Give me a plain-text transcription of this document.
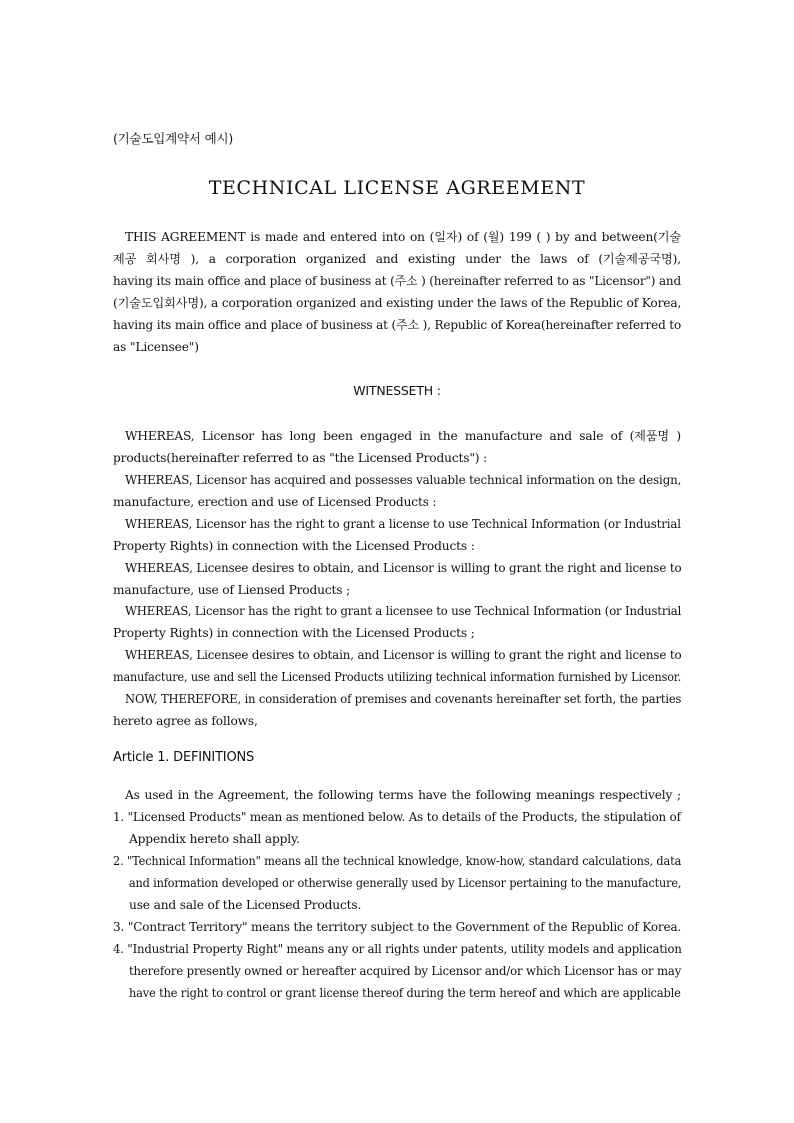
(기술도입계약서 예시)
TECHNICAL LICENSE AGREEMENT
THIS AGREEMENT is made and entered into on (일자) of (월) 199 ( ) by and between(기술
제공 회사명 ), a corporation organized and existing under the laws of (기술제공국명),
having its main office and place of business at (주소 ) (hereinafter referred to as "Licensor") and
(기술도입회사명), a corporation organized and existing under the laws of the Republic of Korea,
having its main office and place of business at (주소 ), Republic of Korea(hereinafter referred to
as "Licensee")
WITNESSETH :
WHEREAS, Licensor has long been engaged in the manufacture and sale of (제품명 )
products(hereinafter referred to as "the Licensed Products") :
WHEREAS, Licensor has acquired and possesses valuable technical information on the design,
manufacture, erection and use of Licensed Products :
WHEREAS, Licensor has the right to grant a license to use Technical Information (or Industrial
Property Rights) in connection with the Licensed Products :
WHEREAS, Licensee desires to obtain, and Licensor is willing to grant the right and license to
manufacture, use of Liensed Products ;
WHEREAS, Licensor has the right to grant a licensee to use Technical Information (or Industrial
Property Rights) in connection with the Licensed Products ;
WHEREAS, Licensee desires to obtain, and Licensor is willing to grant the right and license to
manufacture, use and sell the Licensed Products utilizing technical information furnished by Licensor.
NOW, THEREFORE, in consideration of premises and covenants hereinafter set forth, the parties
hereto agree as follows,
Article 1. DEFINITIONS
As used in the Agreement, the following terms have the following meanings respectively ;
1. "Licensed Products" mean as mentioned below. As to details of the Products, the stipulation of
Appendix hereto shall apply.
2. "Technical Information" means all the technical knowledge, know-how, standard calculations, data
and information developed or otherwise generally used by Licensor pertaining to the manufacture,
use and sale of the Licensed Products.
3. "Contract Territory" means the territory subject to the Government of the Republic of Korea.
4. "Industrial Property Right" means any or all rights under patents, utility models and application
therefore presently owned or hereafter acquired by Licensor and/or which Licensor has or may
have the right to control or grant license thereof during the term hereof and which are applicable
